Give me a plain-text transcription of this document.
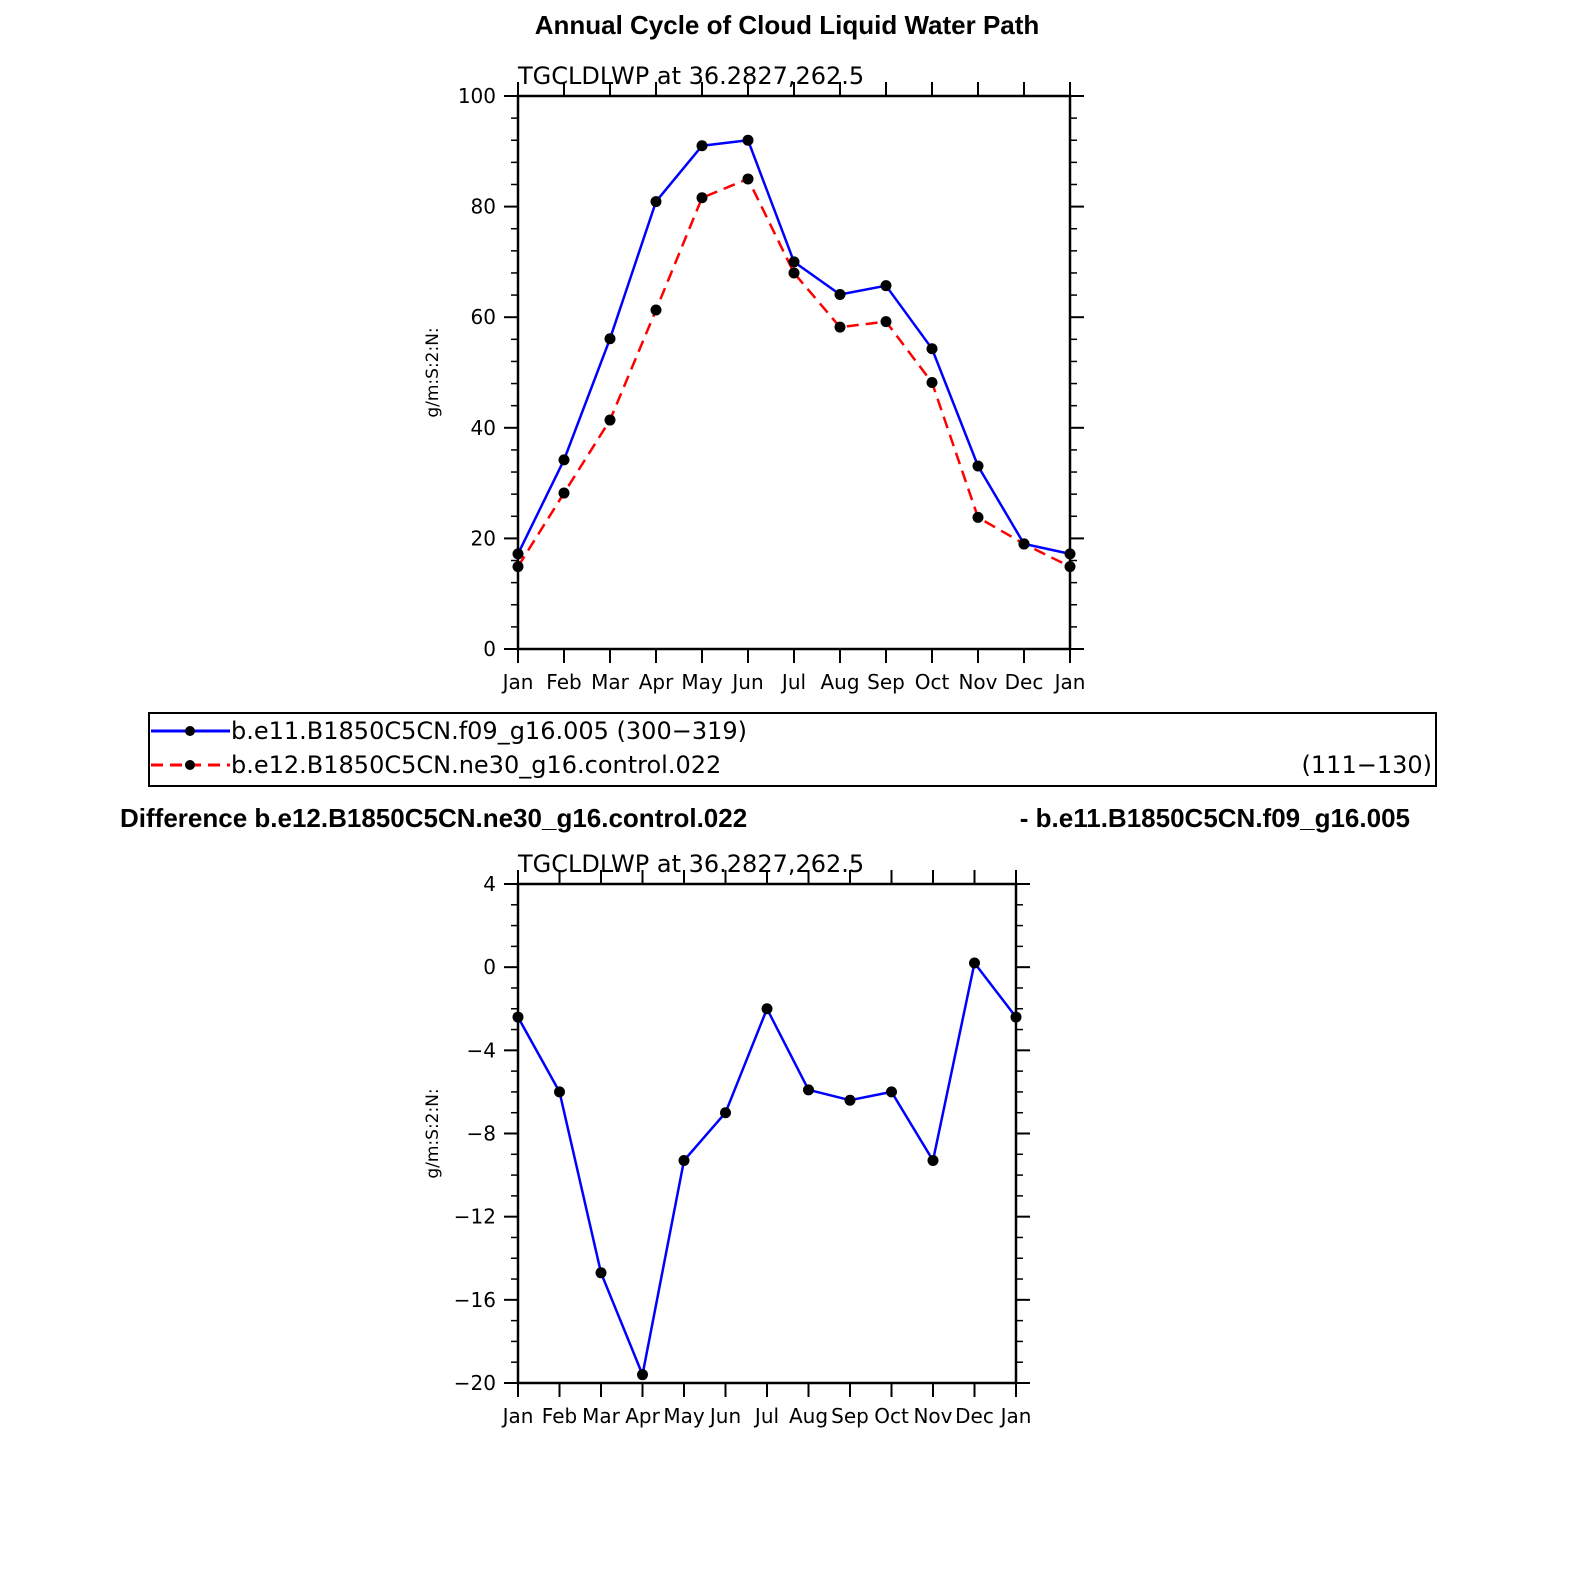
Annual Cycle of Cloud Liquid Water Path
TGCLDLWP at 36.2827,262.5
Jan Feb Mar Apr May Jun Jul Aug Sep Oct Nov Dec Jan
0
20
40
60
80
100
g/m:S:2:N:
b.e11.B1850C5CN.f09_g16.005 (300−319)
b.e12.B1850C5CN.ne30_g16.control.022	(111−130)
Difference b.e12.B1850C5CN.ne30_g16.control.022	- b.e11.B1850C5CN.f09_g16.005
TGCLDLWP at 36.2827,262.5
Jan Feb Mar Apr May Jun Jul Aug Sep Oct Nov Dec Jan
−20
−16
−12
−8
−4
0
4
g/m:S:2:N:
